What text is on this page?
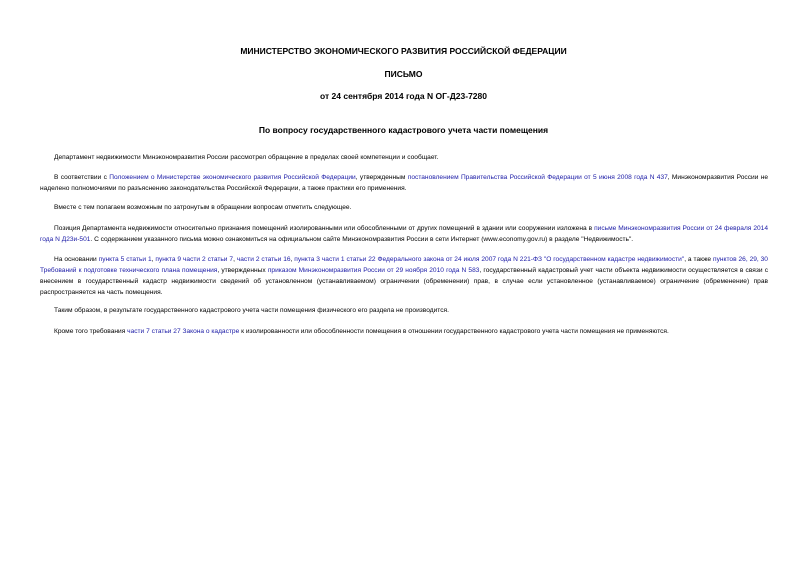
МИНИСТЕРСТВО ЭКОНОМИЧЕСКОГО РАЗВИТИЯ РОССИЙСКОЙ ФЕДЕРАЦИИ
ПИСЬМО
от 24 сентября 2014 года N ОГ-Д23-7280
По вопросу государственного кадастрового учета части помещения
Департамент недвижимости Минэкономразвития России рассмотрел обращение в пределах своей компетенции и сообщает.
В соответствии с Положением о Министерстве экономического развития Российской Федерации, утвержденным постановлением Правительства Российской Федерации от 5 июня 2008 года N 437, Минэкономразвития России не наделено полномочиями по разъяснению законодательства Российской Федерации, а также практики его применения.
Вместе с тем полагаем возможным по затронутым в обращении вопросам отметить следующее.
Позиция Департамента недвижимости относительно признания помещений изолированными или обособленными от других помещений в здании или сооружении изложена в письме Минэкономразвития России от 24 февраля 2014 года N Д23и-501. С содержанием указанного письма можно ознакомиться на официальном сайте Минэкономразвития России в сети Интернет (www.economy.gov.ru) в разделе "Недвижимость".
На основании пункта 5 статьи 1, пункта 9 части 2 статьи 7, части 2 статьи 16, пункта 3 части 1 статьи 22 Федерального закона от 24 июля 2007 года N 221-ФЗ "О государственном кадастре недвижимости", а также пунктов 26, 29, 30 Требований к подготовке технического плана помещения, утвержденных приказом Минэкономразвития России от 29 ноября 2010 года N 583, государственный кадастровый учет части объекта недвижимости осуществляется в связи с внесением в государственный кадастр недвижимости сведений об установленном (устанавливаемом) ограничении (обременении) прав, в случае если установленное (устанавливаемое) ограничение (обременение) прав распространяется на часть помещения.
Таким образом, в результате государственного кадастрового учета части помещения физического его раздела не производится.
Кроме того требования части 7 статьи 27 Закона о кадастре к изолированности или обособленности помещения в отношении государственного кадастрового учета части помещения не применяются.
